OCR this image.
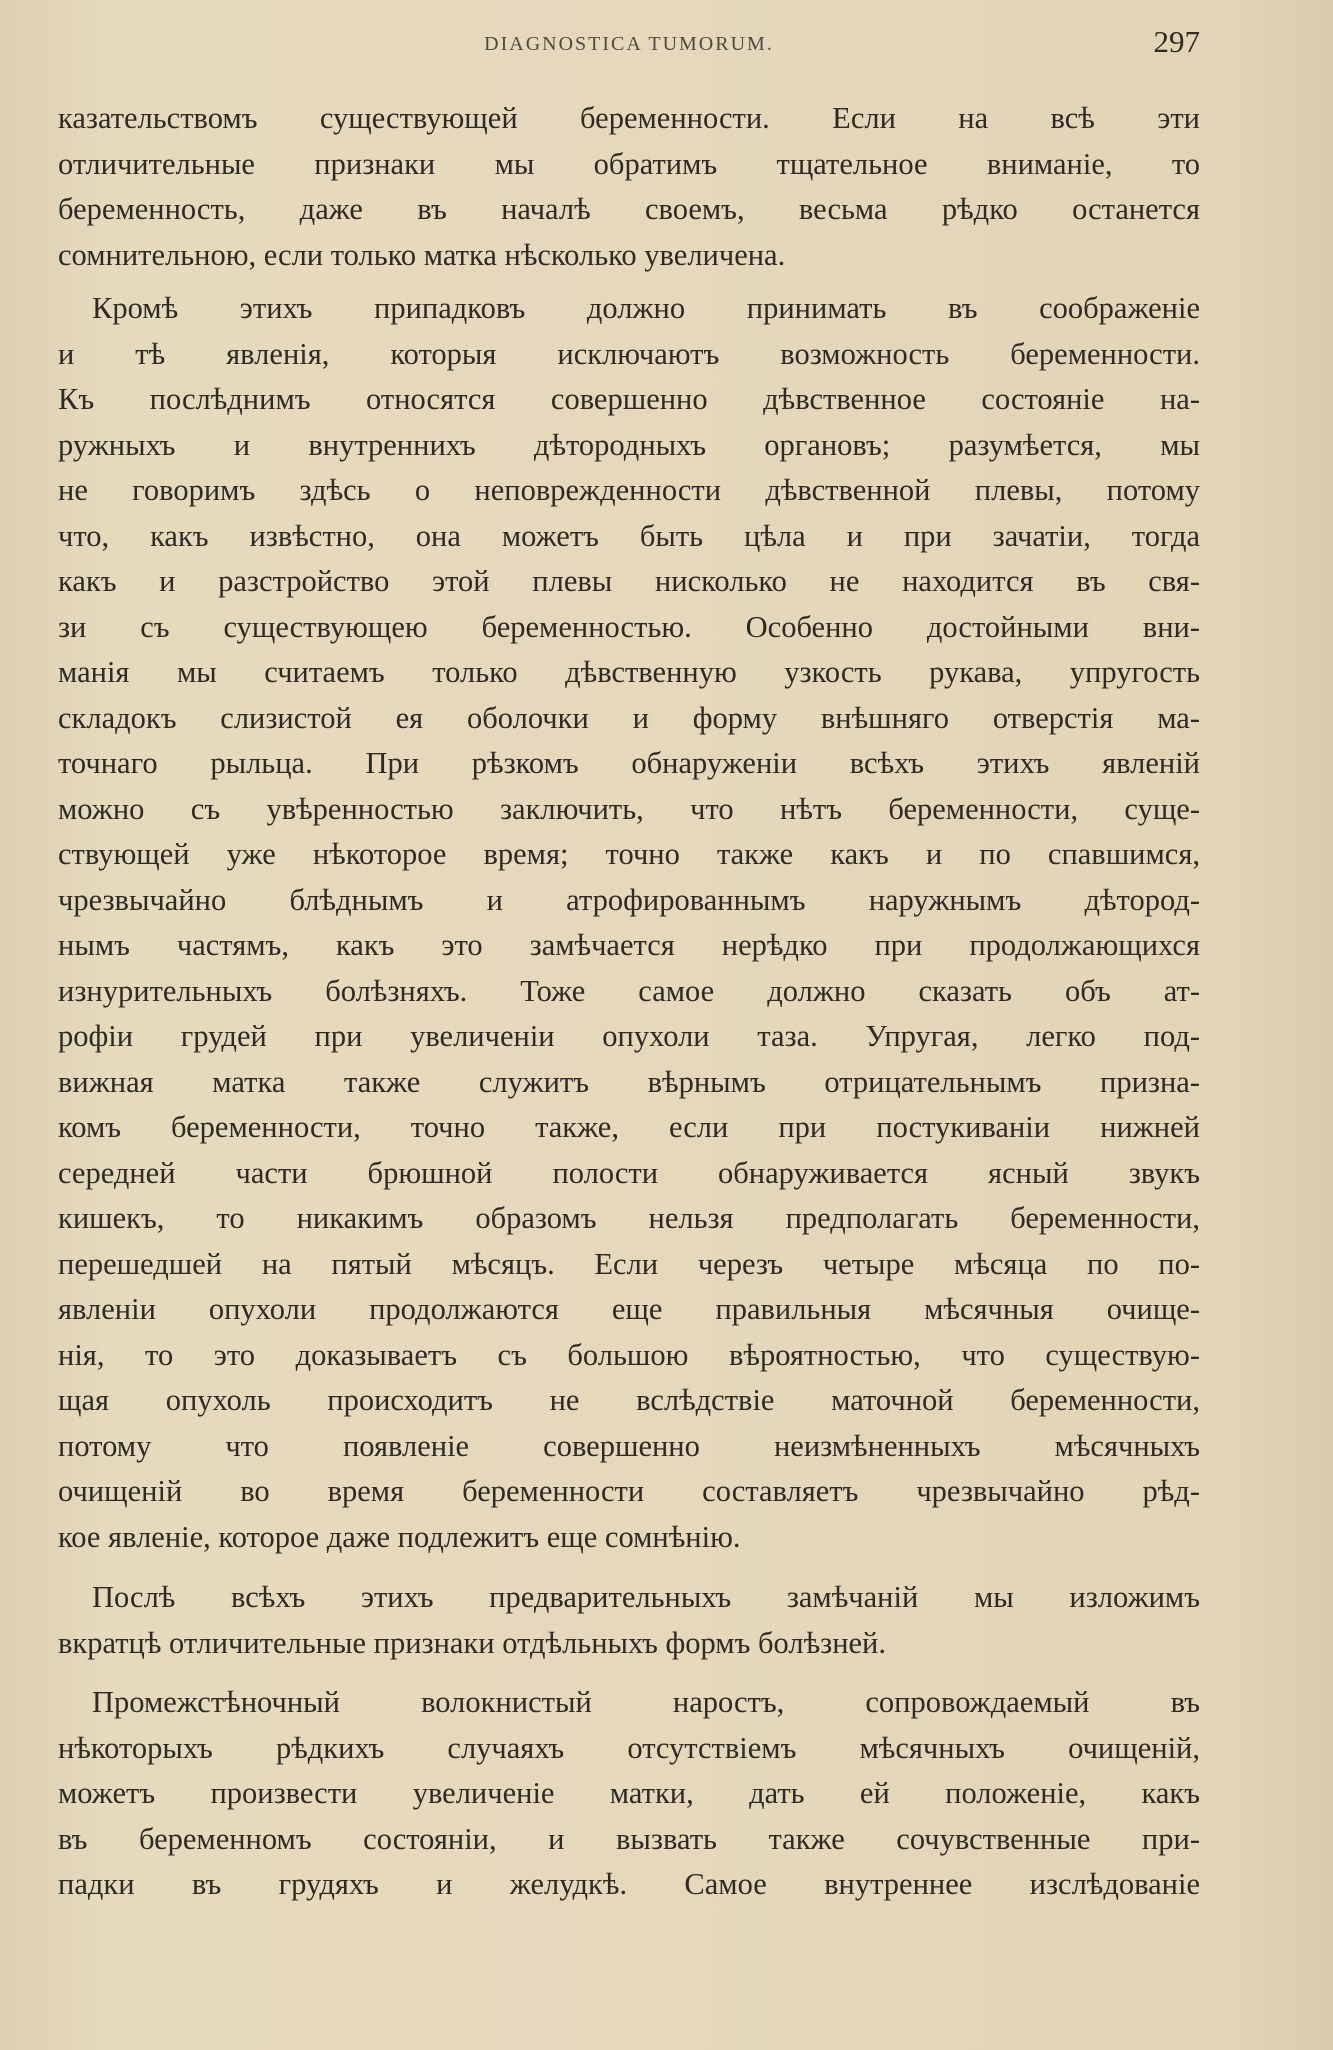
DIAGNOSTICA TUMORUM.	297
казательствомъ существующей беременности. Если на всѣ эти
отличительные признаки мы обратимъ тщательное вниманіе, то
беременность, даже въ началѣ своемъ, весьма рѣдко останется
сомнительною, если только матка нѣсколько увеличена.
Кромѣ этихъ припадковъ должно принимать въ соображеніе
и тѣ явленія, которыя исключаютъ возможность беременности.
Къ послѣднимъ относятся совершенно дѣвственное состояніе на-
ружныхъ и внутреннихъ дѣтородныхъ органовъ; разумѣется, мы
не говоримъ здѣсь о неповрежденности дѣвственной плевы, потому
что, какъ извѣстно, она можетъ быть цѣла и при зачатіи, тогда
какъ и разстройство этой плевы нисколько не находится въ свя-
зи съ существующею беременностью. Особенно достойными вни-
манія мы считаемъ только дѣвственную узкость рукава, упругость
складокъ слизистой ея оболочки и форму внѣшняго отверстія ма-
точнаго рыльца. При рѣзкомъ обнаруженіи всѣхъ этихъ явленій
можно съ увѣренностью заключить, что нѣтъ беременности, суще-
ствующей уже нѣкоторое время; точно также какъ и по спавшимся,
чрезвычайно блѣднымъ и атрофированнымъ наружнымъ дѣтород-
нымъ частямъ, какъ это замѣчается нерѣдко при продолжающихся
изнурительныхъ болѣзняхъ. Тоже самое должно сказать объ ат-
рофіи грудей при увеличеніи опухоли таза. Упругая, легко под-
вижная матка также служитъ вѣрнымъ отрицательнымъ призна-
комъ беременности, точно также, если при постукиваніи нижней
середней части брюшной полости обнаруживается ясный звукъ
кишекъ, то никакимъ образомъ нельзя предполагать беременности,
перешедшей на пятый мѣсяцъ. Если черезъ четыре мѣсяца по по-
явленіи опухоли продолжаются еще правильныя мѣсячныя очище-
нія, то это доказываетъ съ большою вѣроятностью, что существую-
щая опухоль происходитъ не вслѣдствіе маточной беременности,
потому что появленіе совершенно неизмѣненныхъ мѣсячныхъ
очищеній во время беременности составляетъ чрезвычайно рѣд-
кое явленіе, которое даже подлежитъ еще сомнѣнію.
Послѣ всѣхъ этихъ предварительныхъ замѣчаній мы изложимъ
вкратцѣ отличительные признаки отдѣльныхъ формъ болѣзней.
Промежстѣночный волокнистый наростъ, сопровождаемый въ
нѣкоторыхъ рѣдкихъ случаяхъ отсутствіемъ мѣсячныхъ очищеній,
можетъ произвести увеличеніе матки, дать ей положеніе, какъ
въ беременномъ состояніи, и вызвать также сочувственные при-
падки въ грудяхъ и желудкѣ. Самое внутреннее изслѣдованіе
